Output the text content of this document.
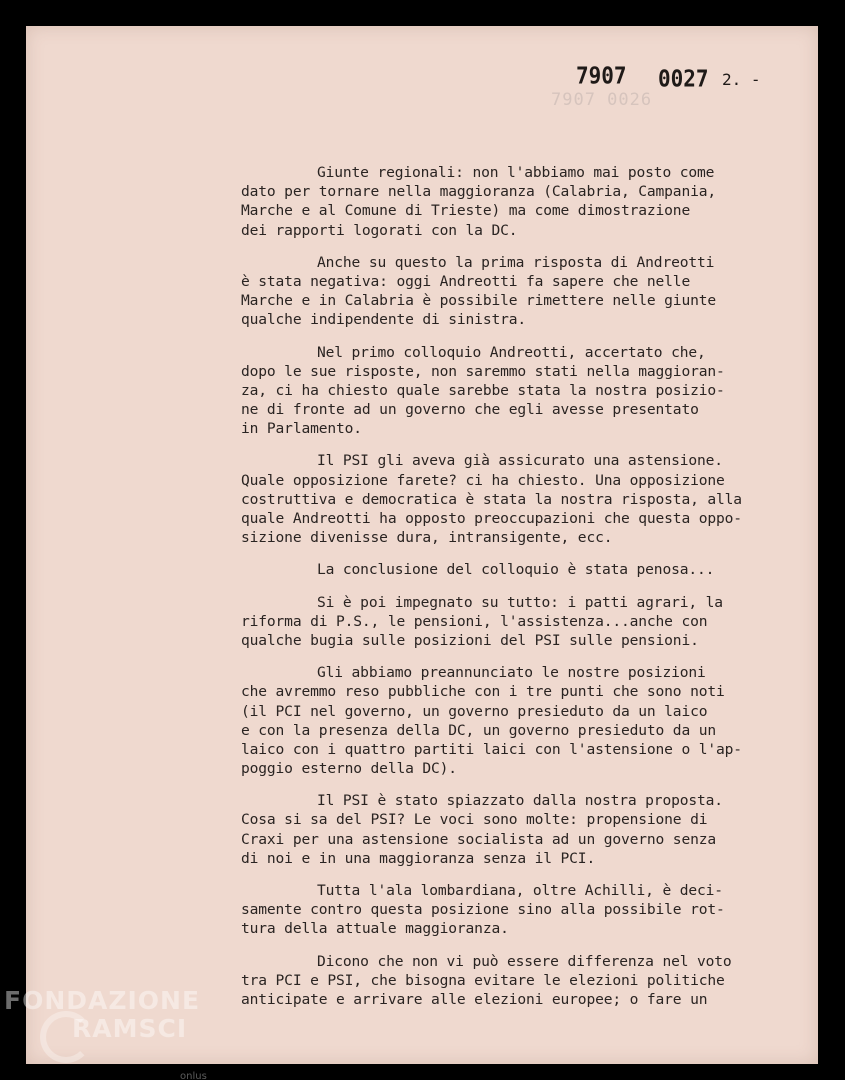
7907 0026
7907 0027 2. -
Giunte regionali: non l'abbiamo mai posto come
dato per tornare nella maggioranza (Calabria, Campania,
Marche e al Comune di Trieste) ma come dimostrazione
dei rapporti logorati con la DC.
Anche su questo la prima risposta di Andreotti
è stata negativa: oggi Andreotti fa sapere che nelle
Marche e in Calabria è possibile rimettere nelle giunte
qualche indipendente di sinistra.
Nel primo colloquio Andreotti, accertato che,
dopo le sue risposte, non saremmo stati nella maggioran-
za, ci ha chiesto quale sarebbe stata la nostra posizio-
ne di fronte ad un governo che egli avesse presentato
in Parlamento.
Il PSI gli aveva già assicurato una astensione.
Quale opposizione farete? ci ha chiesto. Una opposizione
costruttiva e democratica è stata la nostra risposta, alla
quale Andreotti ha opposto preoccupazioni che questa oppo-
sizione divenisse dura, intransigente, ecc.
La conclusione del colloquio è stata penosa...
Si è poi impegnato su tutto: i patti agrari, la
riforma di P.S., le pensioni, l'assistenza...anche con
qualche bugia sulle posizioni del PSI sulle pensioni.
Gli abbiamo preannunciato le nostre posizioni
che avremmo reso pubbliche con i tre punti che sono noti
(il PCI nel governo, un governo presieduto da un laico
e con la presenza della DC, un governo presieduto da un
laico con i quattro partiti laici con l'astensione o l'ap-
poggio esterno della DC).
Il PSI è stato spiazzato dalla nostra proposta.
Cosa si sa del PSI? Le voci sono molte: propensione di
Craxi per una astensione socialista ad un governo senza
di noi e in una maggioranza senza il PCI.
Tutta l'ala lombardiana, oltre Achilli, è deci-
samente contro questa posizione sino alla possibile rot-
tura della attuale maggioranza.
Dicono che non vi può essere differenza nel voto
tra PCI e PSI, che bisogna evitare le elezioni politiche
anticipate e arrivare alle elezioni europee; o fare un
FONDAZIONE
RAMSCI
onlus
